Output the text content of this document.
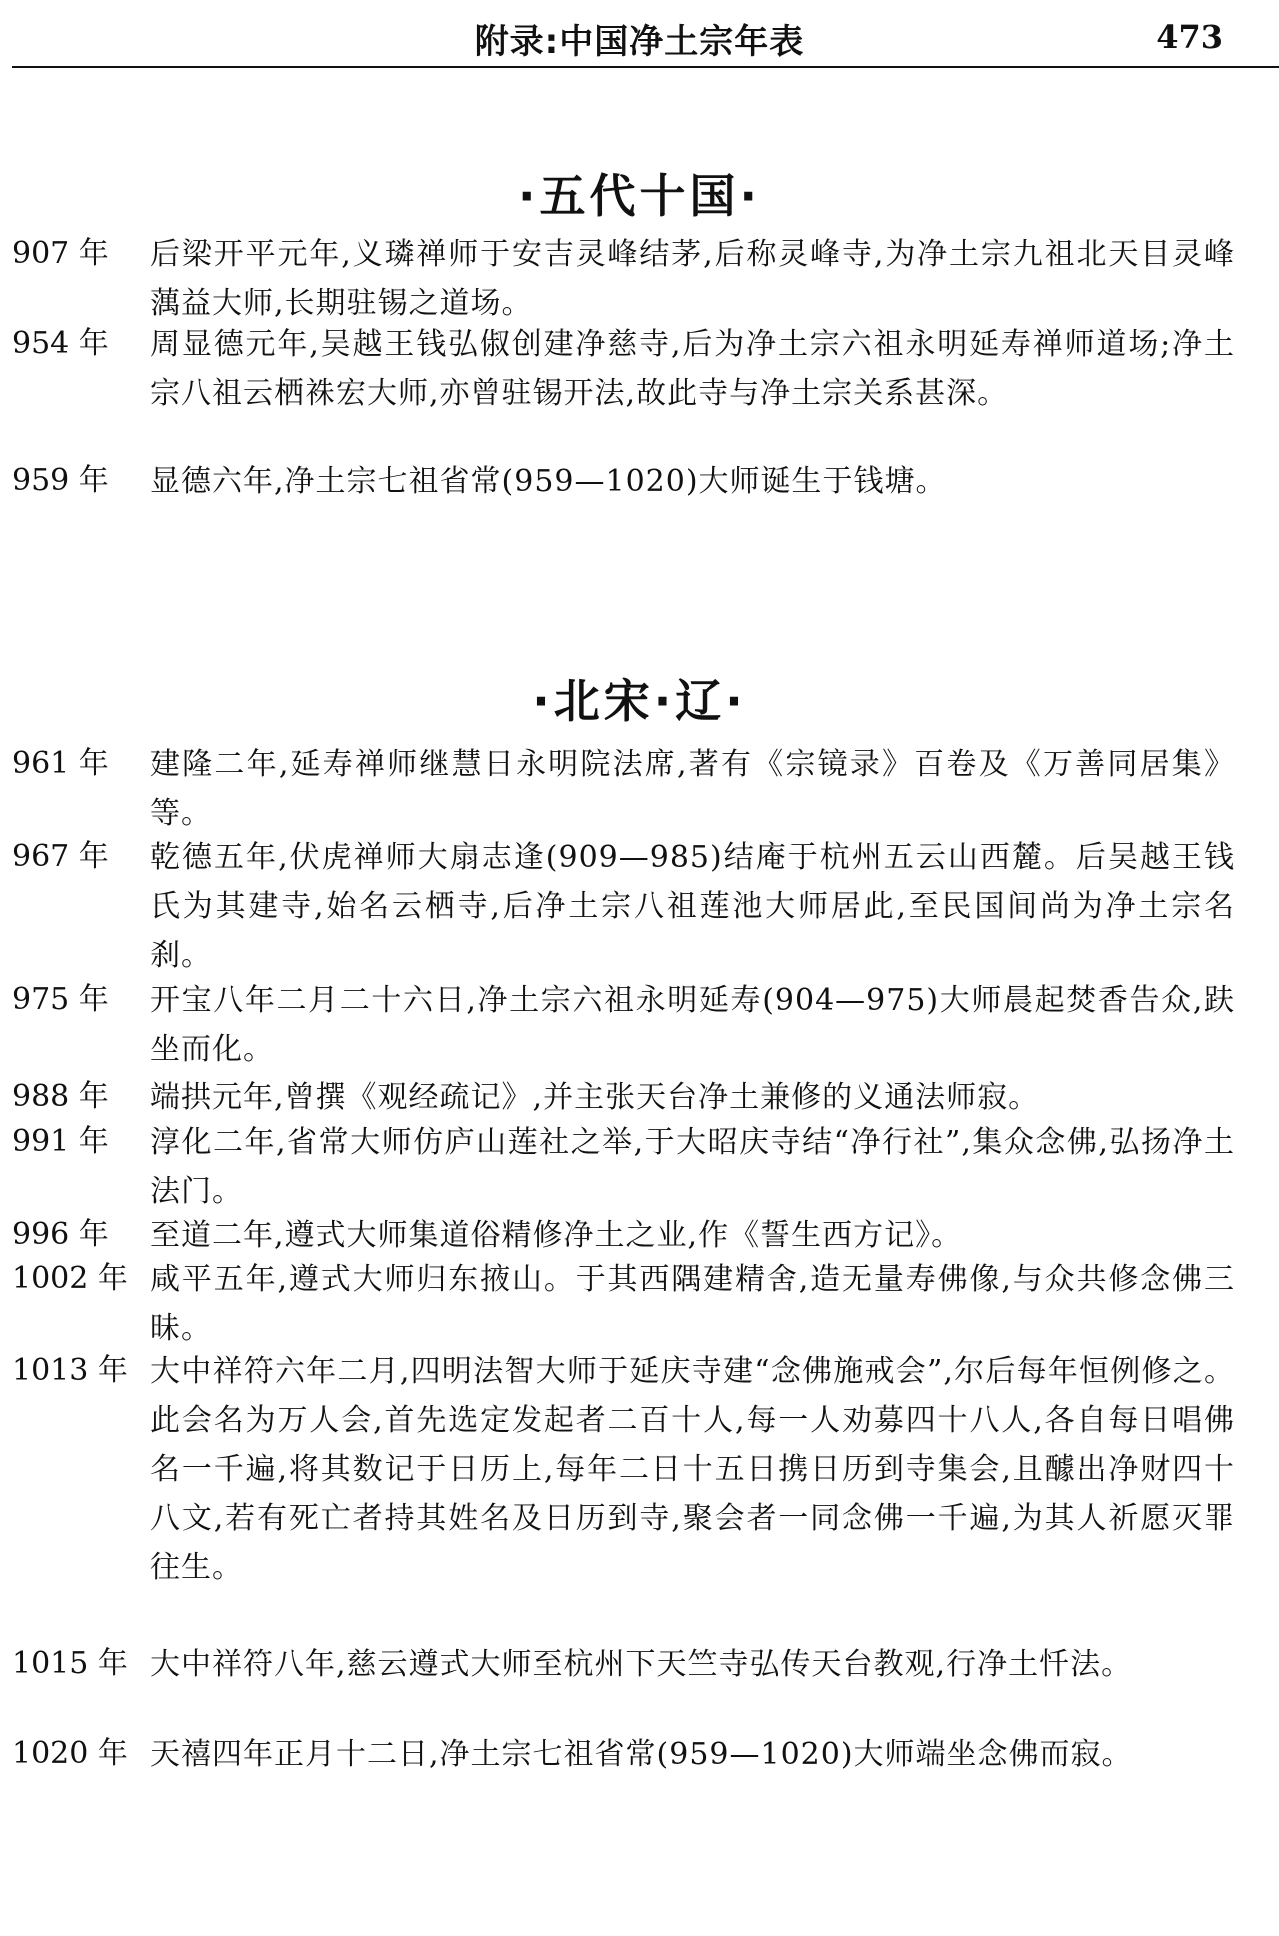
附录:中国净土宗年表	473
·五代十国·
907 年 后梁开平元年,义璘禅师于安吉灵峰结茅,后称灵峰寺,为净土宗九祖北天目灵峰蕅益大师,长期驻锡之道场。
954 年 周显德元年,吴越王钱弘俶创建净慈寺,后为净土宗六祖永明延寿禅师道场;净土宗八祖云栖袾宏大师,亦曾驻锡开法,故此寺与净土宗关系甚深。
959 年 显德六年,净土宗七祖省常(959—1020)大师诞生于钱塘。
·北宋·辽·
961 年 建隆二年,延寿禅师继慧日永明院法席,著有《宗镜录》百卷及《万善同居集》等。
967 年 乾德五年,伏虎禅师大扇志逢(909—985)结庵于杭州五云山西麓。后吴越王钱氏为其建寺,始名云栖寺,后净土宗八祖莲池大师居此,至民国间尚为净土宗名刹。
975 年 开宝八年二月二十六日,净土宗六祖永明延寿(904—975)大师晨起焚香告众,趺坐而化。
988 年 端拱元年,曾撰《观经疏记》,并主张天台净土兼修的义通法师寂。
991 年 淳化二年,省常大师仿庐山莲社之举,于大昭庆寺结“净行社”,集众念佛,弘扬净土法门。
996 年 至道二年,遵式大师集道俗精修净土之业,作《誓生西方记》。
1002 年 咸平五年,遵式大师归东掖山。于其西隅建精舍,造无量寿佛像,与众共修念佛三昧。
1013 年 大中祥符六年二月,四明法智大师于延庆寺建“念佛施戒会”,尔后每年恒例修之。此会名为万人会,首先选定发起者二百十人,每一人劝募四十八人,各自每日唱佛名一千遍,将其数记于日历上,每年二日十五日携日历到寺集会,且醵出净财四十八文,若有死亡者持其姓名及日历到寺,聚会者一同念佛一千遍,为其人祈愿灭罪往生。
1015 年 大中祥符八年,慈云遵式大师至杭州下天竺寺弘传天台教观,行净土忏法。
1020 年 天禧四年正月十二日,净土宗七祖省常(959—1020)大师端坐念佛而寂。
